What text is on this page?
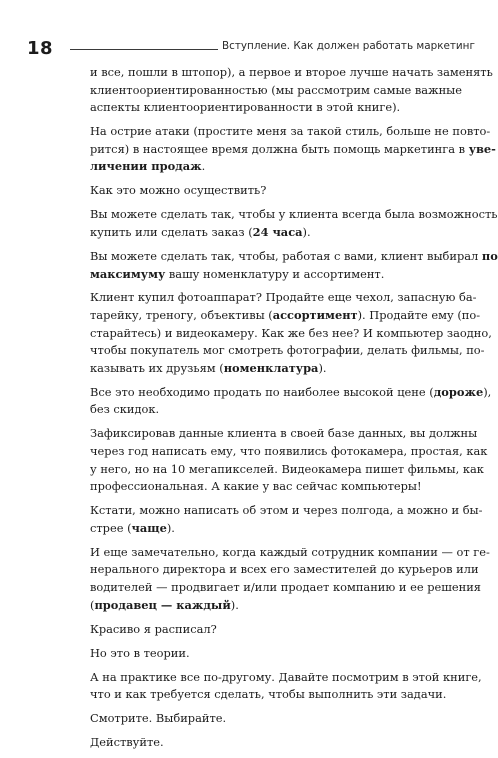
18	Вступление. Как должен работать маркетинг

и все, пошли в штопор), а первое и второе лучше начать заменять
клиентоориентированностью (мы рассмотрим самые важные
аспекты клиентоориентированности в этой книге).

На острие атаки (простите меня за такой стиль, больше не повто-
рится) в настоящее время должна быть помощь маркетинга в уве-
личении продаж.

Как это можно осуществить?

Вы можете сделать так, чтобы у клиента всегда была возможность
купить или сделать заказ (24 часа).

Вы можете сделать так, чтобы, работая с вами, клиент выбирал по
максимуму вашу номенклатуру и ассортимент.

Клиент купил фотоаппарат? Продайте еще чехол, запасную ба-
тарейку, треногу, объективы (ассортимент). Продайте ему (по-
старайтесь) и видеокамеру. Как же без нее? И компьютер заодно,
чтобы покупатель мог смотреть фотографии, делать фильмы, по-
казывать их друзьям (номенклатура).

Все это необходимо продать по наиболее высокой цене (дороже),
без скидок.

Зафиксировав данные клиента в своей базе данных, вы должны
через год написать ему, что появились фотокамера, простая, как
у него, но на 10 мегапикселей. Видеокамера пишет фильмы, как
профессиональная. А какие у вас сейчас компьютеры!

Кстати, можно написать об этом и через полгода, а можно и бы-
стрее (чаще).

И еще замечательно, когда каждый сотрудник компании — от ге-
нерального директора и всех его заместителей до курьеров или
водителей — продвигает и/или продает компанию и ее решения
(продавец — каждый).

Красиво я расписал?

Но это в теории.

А на практике все по-другому. Давайте посмотрим в этой книге,
что и как требуется сделать, чтобы выполнить эти задачи.

Смотрите. Выбирайте.

Действуйте.
